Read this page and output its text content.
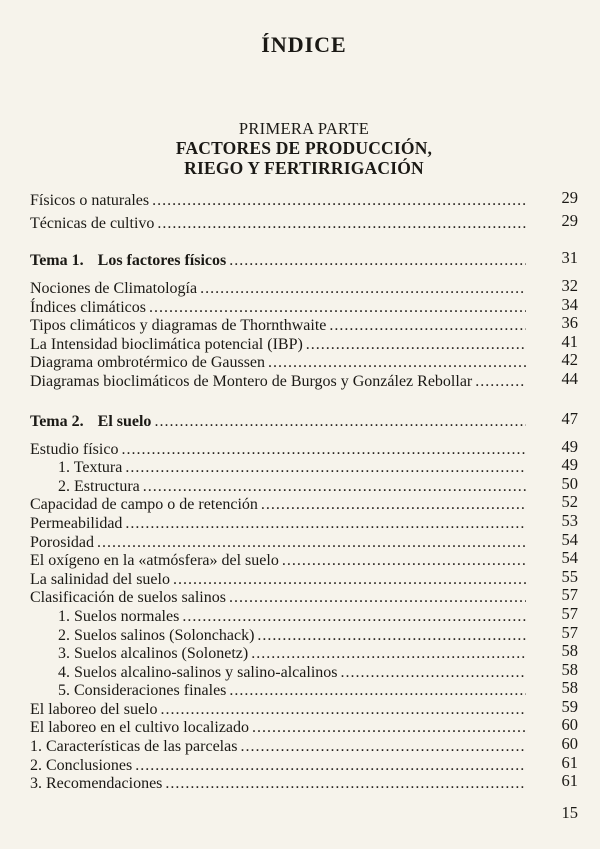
ÍNDICE
PRIMERA PARTE
FACTORES DE PRODUCCIÓN,
RIEGO Y FERTIRRIGACIÓN
Físicos o naturales .....	29
Técnicas de cultivo .....	29
Tema 1. Los factores físicos .....	31
Nociones de Climatología .....	32
Índices climáticos .....	34
Tipos climáticos y diagramas de Thornthwaite .....	36
La Intensidad bioclimática potencial (IBP) .....	41
Diagrama ombrotérmico de Gaussen .....	42
Diagramas bioclimáticos de Montero de Burgos y González Rebollar .....	44
Tema 2. El suelo .....	47
Estudio físico .....	49
1. Textura .....	49
2. Estructura .....	50
Capacidad de campo o de retención .....	52
Permeabilidad .....	53
Porosidad .....	54
El oxígeno en la «atmósfera» del suelo .....	54
La salinidad del suelo .....	55
Clasificación de suelos salinos .....	57
1. Suelos normales .....	57
2. Suelos salinos (Solonchack) .....	57
3. Suelos alcalinos (Solonetz) .....	58
4. Suelos alcalino-salinos y salino-alcalinos .....	58
5. Consideraciones finales .....	58
El laboreo del suelo .....	59
El laboreo en el cultivo localizado .....	60
1. Características de las parcelas .....	60
2. Conclusiones .....	61
3. Recomendaciones .....	61
15
